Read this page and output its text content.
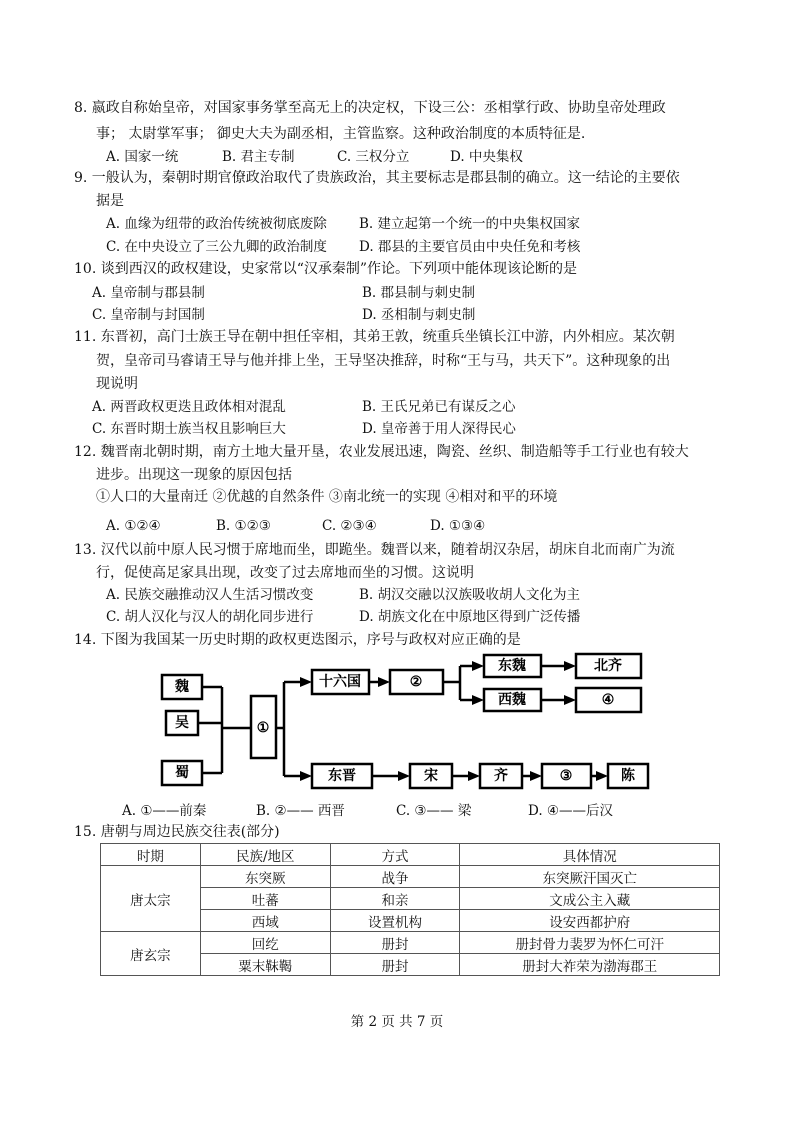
8. 嬴政自称始皇帝，对国家事务掌至高无上的决定权，下设三公：丞相掌行政、协助皇帝处理政
事； 太尉掌军事； 御史大夫为副丞相，主管监察。这种政治制度的本质特征是.
A. 国家一统	B. 君主专制	C. 三权分立	D. 中央集权
9. 一般认为，秦朝时期官僚政治取代了贵族政治，其主要标志是郡县制的确立。这一结论的主要依
据是
A. 血缘为纽带的政治传统被彻底废除 B. 建立起第一个统一的中央集权国家
C. 在中央设立了三公九卿的政治制度 D. 郡县的主要官员由中央任免和考核
10. 谈到西汉的政权建设，史家常以“汉承秦制”作论。下列项中能体现该论断的是
A. 皇帝制与郡县制	B. 郡县制与刺史制
C. 皇帝制与封国制	D. 丞相制与刺史制
11. 东晋初，高门士族王导在朝中担任宰相，其弟王敦，统重兵坐镇长江中游，内外相应。某次朝
贺，皇帝司马睿请王导与他并排上坐，王导坚决推辞，时称“王与马，共天下”。这种现象的出
现说明
A. 两晋政权更迭且政体相对混乱	B. 王氏兄弟已有谋反之心
C. 东晋时期士族当权且影响巨大	D. 皇帝善于用人深得民心
12. 魏晋南北朝时期，南方土地大量开垦，农业发展迅速，陶瓷、丝织、制造船等手工行业也有较大
进步。出现这一现象的原因包括
①人口的大量南迁 ②优越的自然条件 ③南北统一的实现 ④相对和平的环境
A. ①②④	B. ①②③	C. ②③④	D. ①③④
13. 汉代以前中原人民习惯于席地而坐，即跪坐。魏晋以来，随着胡汉杂居，胡床自北而南广为流
行，促使高足家具出现，改变了过去席地而坐的习惯。这说明
A. 民族交融推动汉人生活习惯改变	B. 胡汉交融以汉族吸收胡人文化为主
C. 胡人汉化与汉人的胡化同步进行	D. 胡族文化在中原地区得到广泛传播
14. 下图为我国某一历史时期的政权更迭图示，序号与政权对应正确的是
魏
吴
蜀
①
十六国	②
东魏	北齐
西魏	④
东晋	宋	齐	③	陈
A. ①——前秦	B. ②—— 西晋	C. ③—— 梁	D. ④——后汉
15. 唐朝与周边民族交往表(部分)
时期	民族/地区	方式	具体情况
唐太宗	东突厥	战争	东突厥汗国灭亡
	吐蕃	和亲	文成公主入藏
	西域	设置机构	设安西都护府
唐玄宗	回纥	册封	册封骨力裴罗为怀仁可汗
	粟末靺鞨	册封	册封大祚荣为渤海郡王
第 2 页 共 7 页
